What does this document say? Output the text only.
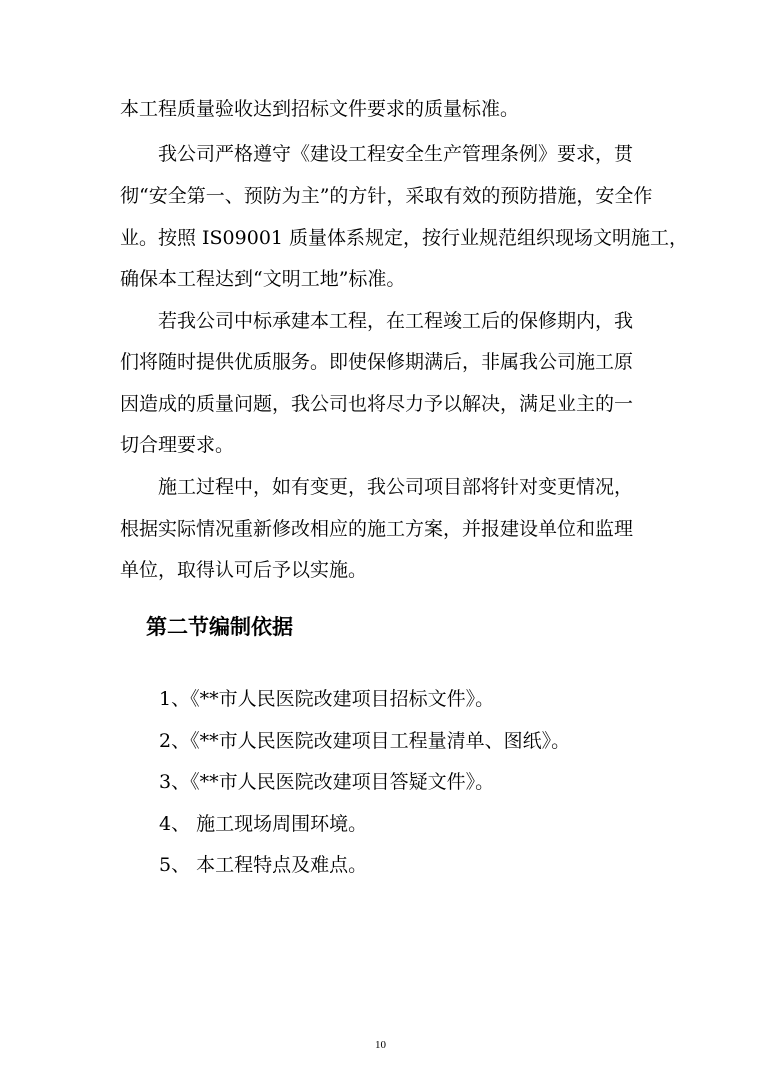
本工程质量验收达到招标文件要求的质量标准。
我公司严格遵守《建设工程安全生产管理条例》要求，贯
彻“安全第一、预防为主”的方针，采取有效的预防措施，安全作
业。按照 IS09001 质量体系规定，按行业规范组织现场文明施工，
确保本工程达到“文明工地”标准。
若我公司中标承建本工程，在工程竣工后的保修期内，我
们将随时提供优质服务。即使保修期满后，非属我公司施工原
因造成的质量问题，我公司也将尽力予以解决，满足业主的一
切合理要求。
施工过程中，如有变更，我公司项目部将针对变更情况，
根据实际情况重新修改相应的施工方案，并报建设单位和监理
单位，取得认可后予以实施。
第二节编制依据
1、《**市人民医院改建项目招标文件》。
2、《**市人民医院改建项目工程量清单、图纸》。
3、《**市人民医院改建项目答疑文件》。
4、 施工现场周围环境。
5、 本工程特点及难点。
10
